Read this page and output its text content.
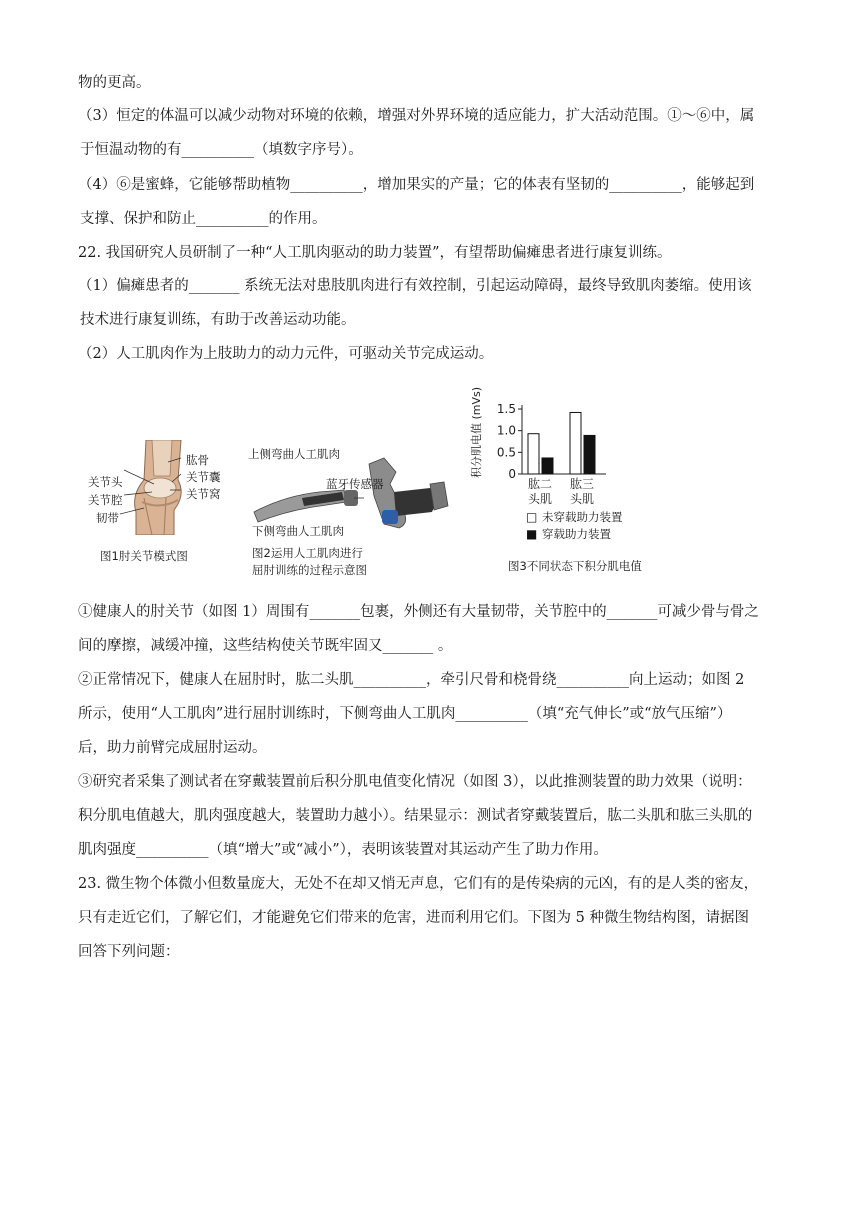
物的更高。
（3）恒定的体温可以减少动物对环境的依赖，增强对外界环境的适应能力，扩大活动范围。①～⑥中，属
于恒温动物的有__________（填数字序号）。
（4）⑥是蜜蜂，它能够帮助植物__________，增加果实的产量；它的体表有坚韧的__________，能够起到
支撑、保护和防止__________的作用。
22. 我国研究人员研制了一种“人工肌肉驱动的助力装置”，有望帮助偏瘫患者进行康复训练。
（1）偏瘫患者的_______ 系统无法对患肢肌肉进行有效控制，引起运动障碍，最终导致肌肉萎缩。使用该
技术进行康复训练，有助于改善运动功能。
（2）人工肌肉作为上肢助力的动力元件，可驱动关节完成运动。
肱骨
关节囊
关节头
关节窝
关节腔
韧带
图1肘关节模式图
上侧弯曲人工肌肉
蓝牙传感器
下侧弯曲人工肌肉
图2运用人工肌肉进行
屈肘训练的过程示意图
积分肌电值 (mVs) 0
0.5
1.0
1.5
肱二
头肌
肱三
头肌
□ 未穿载助力装置
■ 穿载助力装置
图3不同状态下积分肌电值
①健康人的肘关节（如图 1）周围有_______包裹，外侧还有大量韧带，关节腔中的_______可减少骨与骨之
间的摩擦，减缓冲撞，这些结构使关节既牢固又_______ 。
②正常情况下，健康人在屈肘时，肱二头肌__________，牵引尺骨和桡骨绕__________向上运动；如图 2
所示，使用“人工肌肉”进行屈肘训练时，下侧弯曲人工肌肉__________（填“充气伸长”或“放气压缩”）
后，助力前臂完成屈肘运动。
③研究者采集了测试者在穿戴装置前后积分肌电值变化情况（如图 3），以此推测装置的助力效果（说明：
积分肌电值越大，肌肉强度越大，装置助力越小）。结果显示：测试者穿戴装置后，肱二头肌和肱三头肌的
肌肉强度__________（填“增大”或“减小”），表明该装置对其运动产生了助力作用。
23. 微生物个体微小但数量庞大，无处不在却又悄无声息，它们有的是传染病的元凶，有的是人类的密友，
只有走近它们，了解它们，才能避免它们带来的危害，进而利用它们。下图为 5 种微生物结构图，请据图
回答下列问题：
